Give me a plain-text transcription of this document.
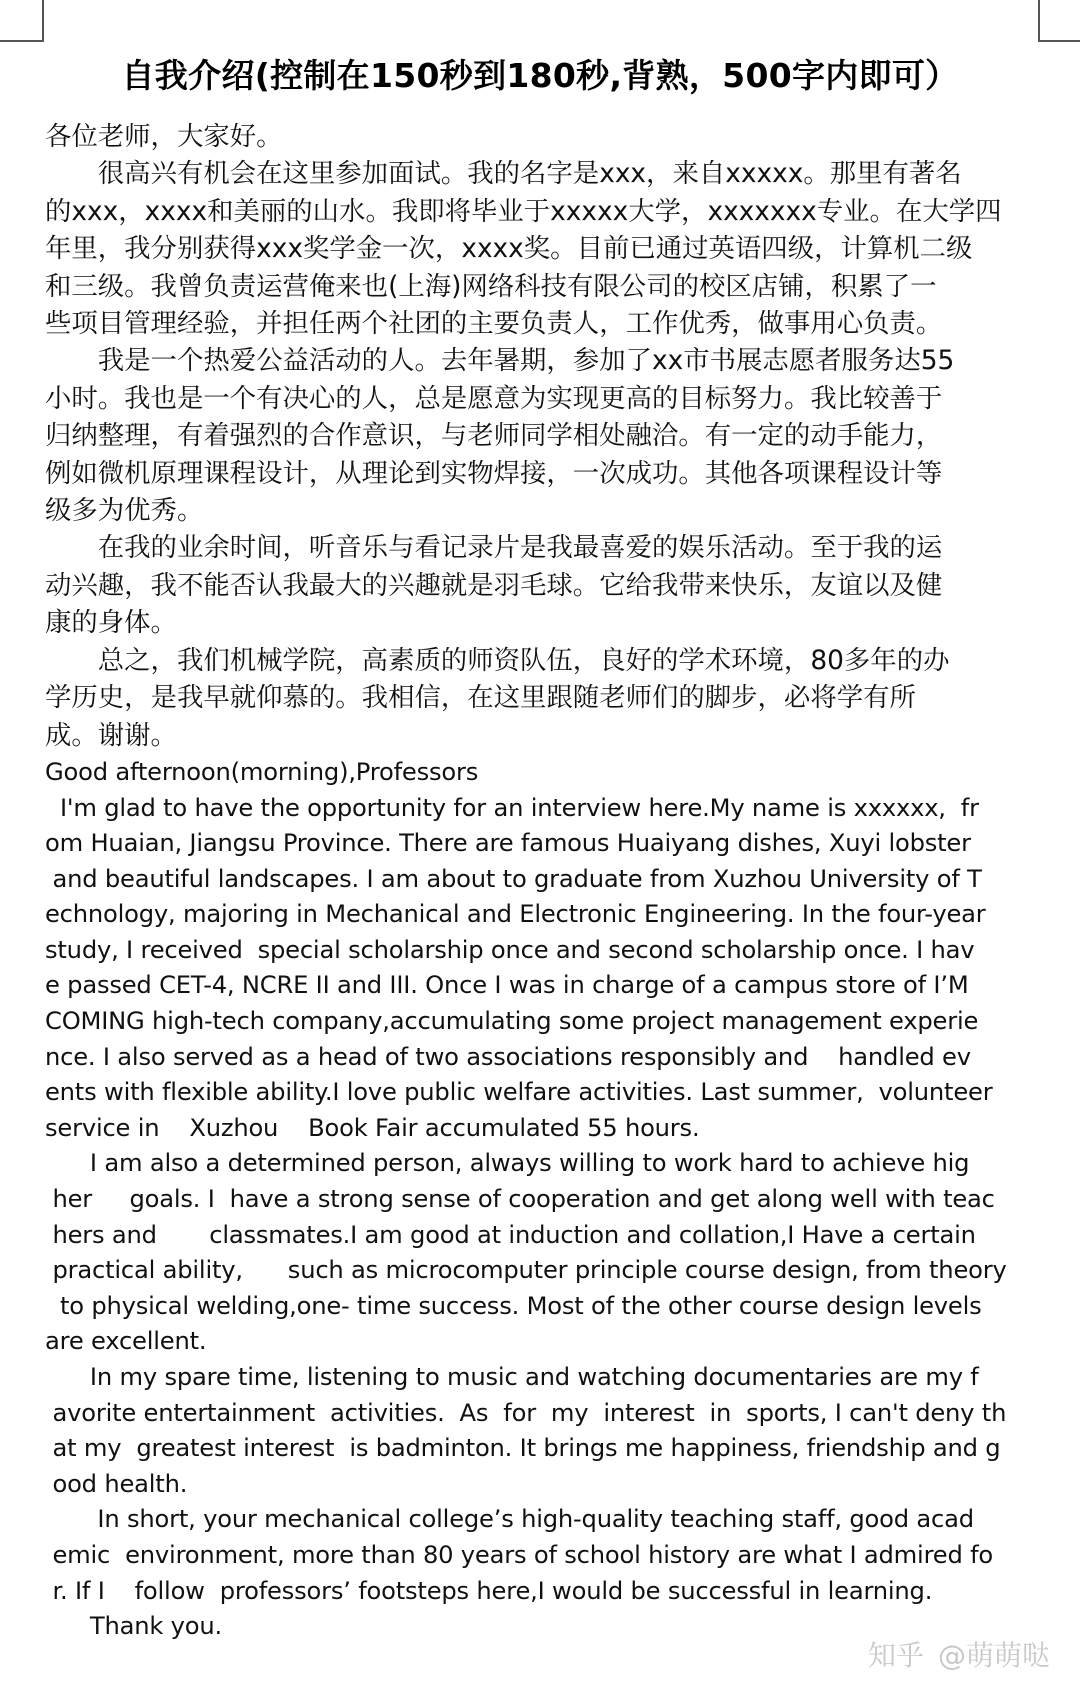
自我介绍(控制在150秒到180秒,背熟，500字内即可）
各位老师，大家好。
　　很高兴有机会在这里参加面试。我的名字是xxx，来自xxxxx。那里有著名
的xxx，xxxx和美丽的山水。我即将毕业于xxxxx大学，xxxxxxx专业。在大学四
年里，我分别获得xxx奖学金一次，xxxx奖。目前已通过英语四级，计算机二级
和三级。我曾负责运营俺来也(上海)网络科技有限公司的校区店铺，积累了一
些项目管理经验，并担任两个社团的主要负责人，工作优秀，做事用心负责。
　　我是一个热爱公益活动的人。去年暑期，参加了xx市书展志愿者服务达55
小时。我也是一个有决心的人，总是愿意为实现更高的目标努力。我比较善于
归纳整理，有着强烈的合作意识，与老师同学相处融洽。有一定的动手能力，
例如微机原理课程设计，从理论到实物焊接，一次成功。其他各项课程设计等
级多为优秀。
　　在我的业余时间，听音乐与看记录片是我最喜爱的娱乐活动。至于我的运
动兴趣，我不能否认我最大的兴趣就是羽毛球。它给我带来快乐，友谊以及健
康的身体。
　　总之，我们机械学院，高素质的师资队伍，良好的学术环境，80多年的办
学历史，是我早就仰慕的。我相信，在这里跟随老师们的脚步，必将学有所
成。谢谢。
Good afternoon(morning),Professors
I'm glad to have the opportunity for an interview here.My name is xxxxxx,  fr
om Huaian, Jiangsu Province. There are famous Huaiyang dishes, Xuyi lobster
and beautiful landscapes. I am about to graduate from Xuzhou University of T
echnology, majoring in Mechanical and Electronic Engineering. In the four-year
study, I received  special scholarship once and second scholarship once. I hav
e passed CET-4, NCRE II and III. Once I was in charge of a campus store of I’M
COMING high-tech company,accumulating some project management experie
nce. I also served as a head of two associations responsibly and    handled ev
ents with flexible ability.I love public welfare activities. Last summer,  volunteer
service in    Xuzhou    Book Fair accumulated 55 hours.
I am also a determined person, always willing to work hard to achieve hig
her     goals. I  have a strong sense of cooperation and get along well with teac
hers and       classmates.I am good at induction and collation,I Have a certain
practical ability,      such as microcomputer principle course design, from theory
to physical welding,one- time success. Most of the other course design levels
are excellent.
In my spare time, listening to music and watching documentaries are my f
avorite entertainment  activities.  As  for  my  interest  in  sports, I can't deny th
at my  greatest interest  is badminton. It brings me happiness, friendship and g
ood health.
In short, your mechanical college’s high-quality teaching staff, good acad
emic  environment, more than 80 years of school history are what I admired fo
r. If I    follow  professors’ footsteps here,I would be successful in learning.
Thank you.
知乎 @萌萌哒
